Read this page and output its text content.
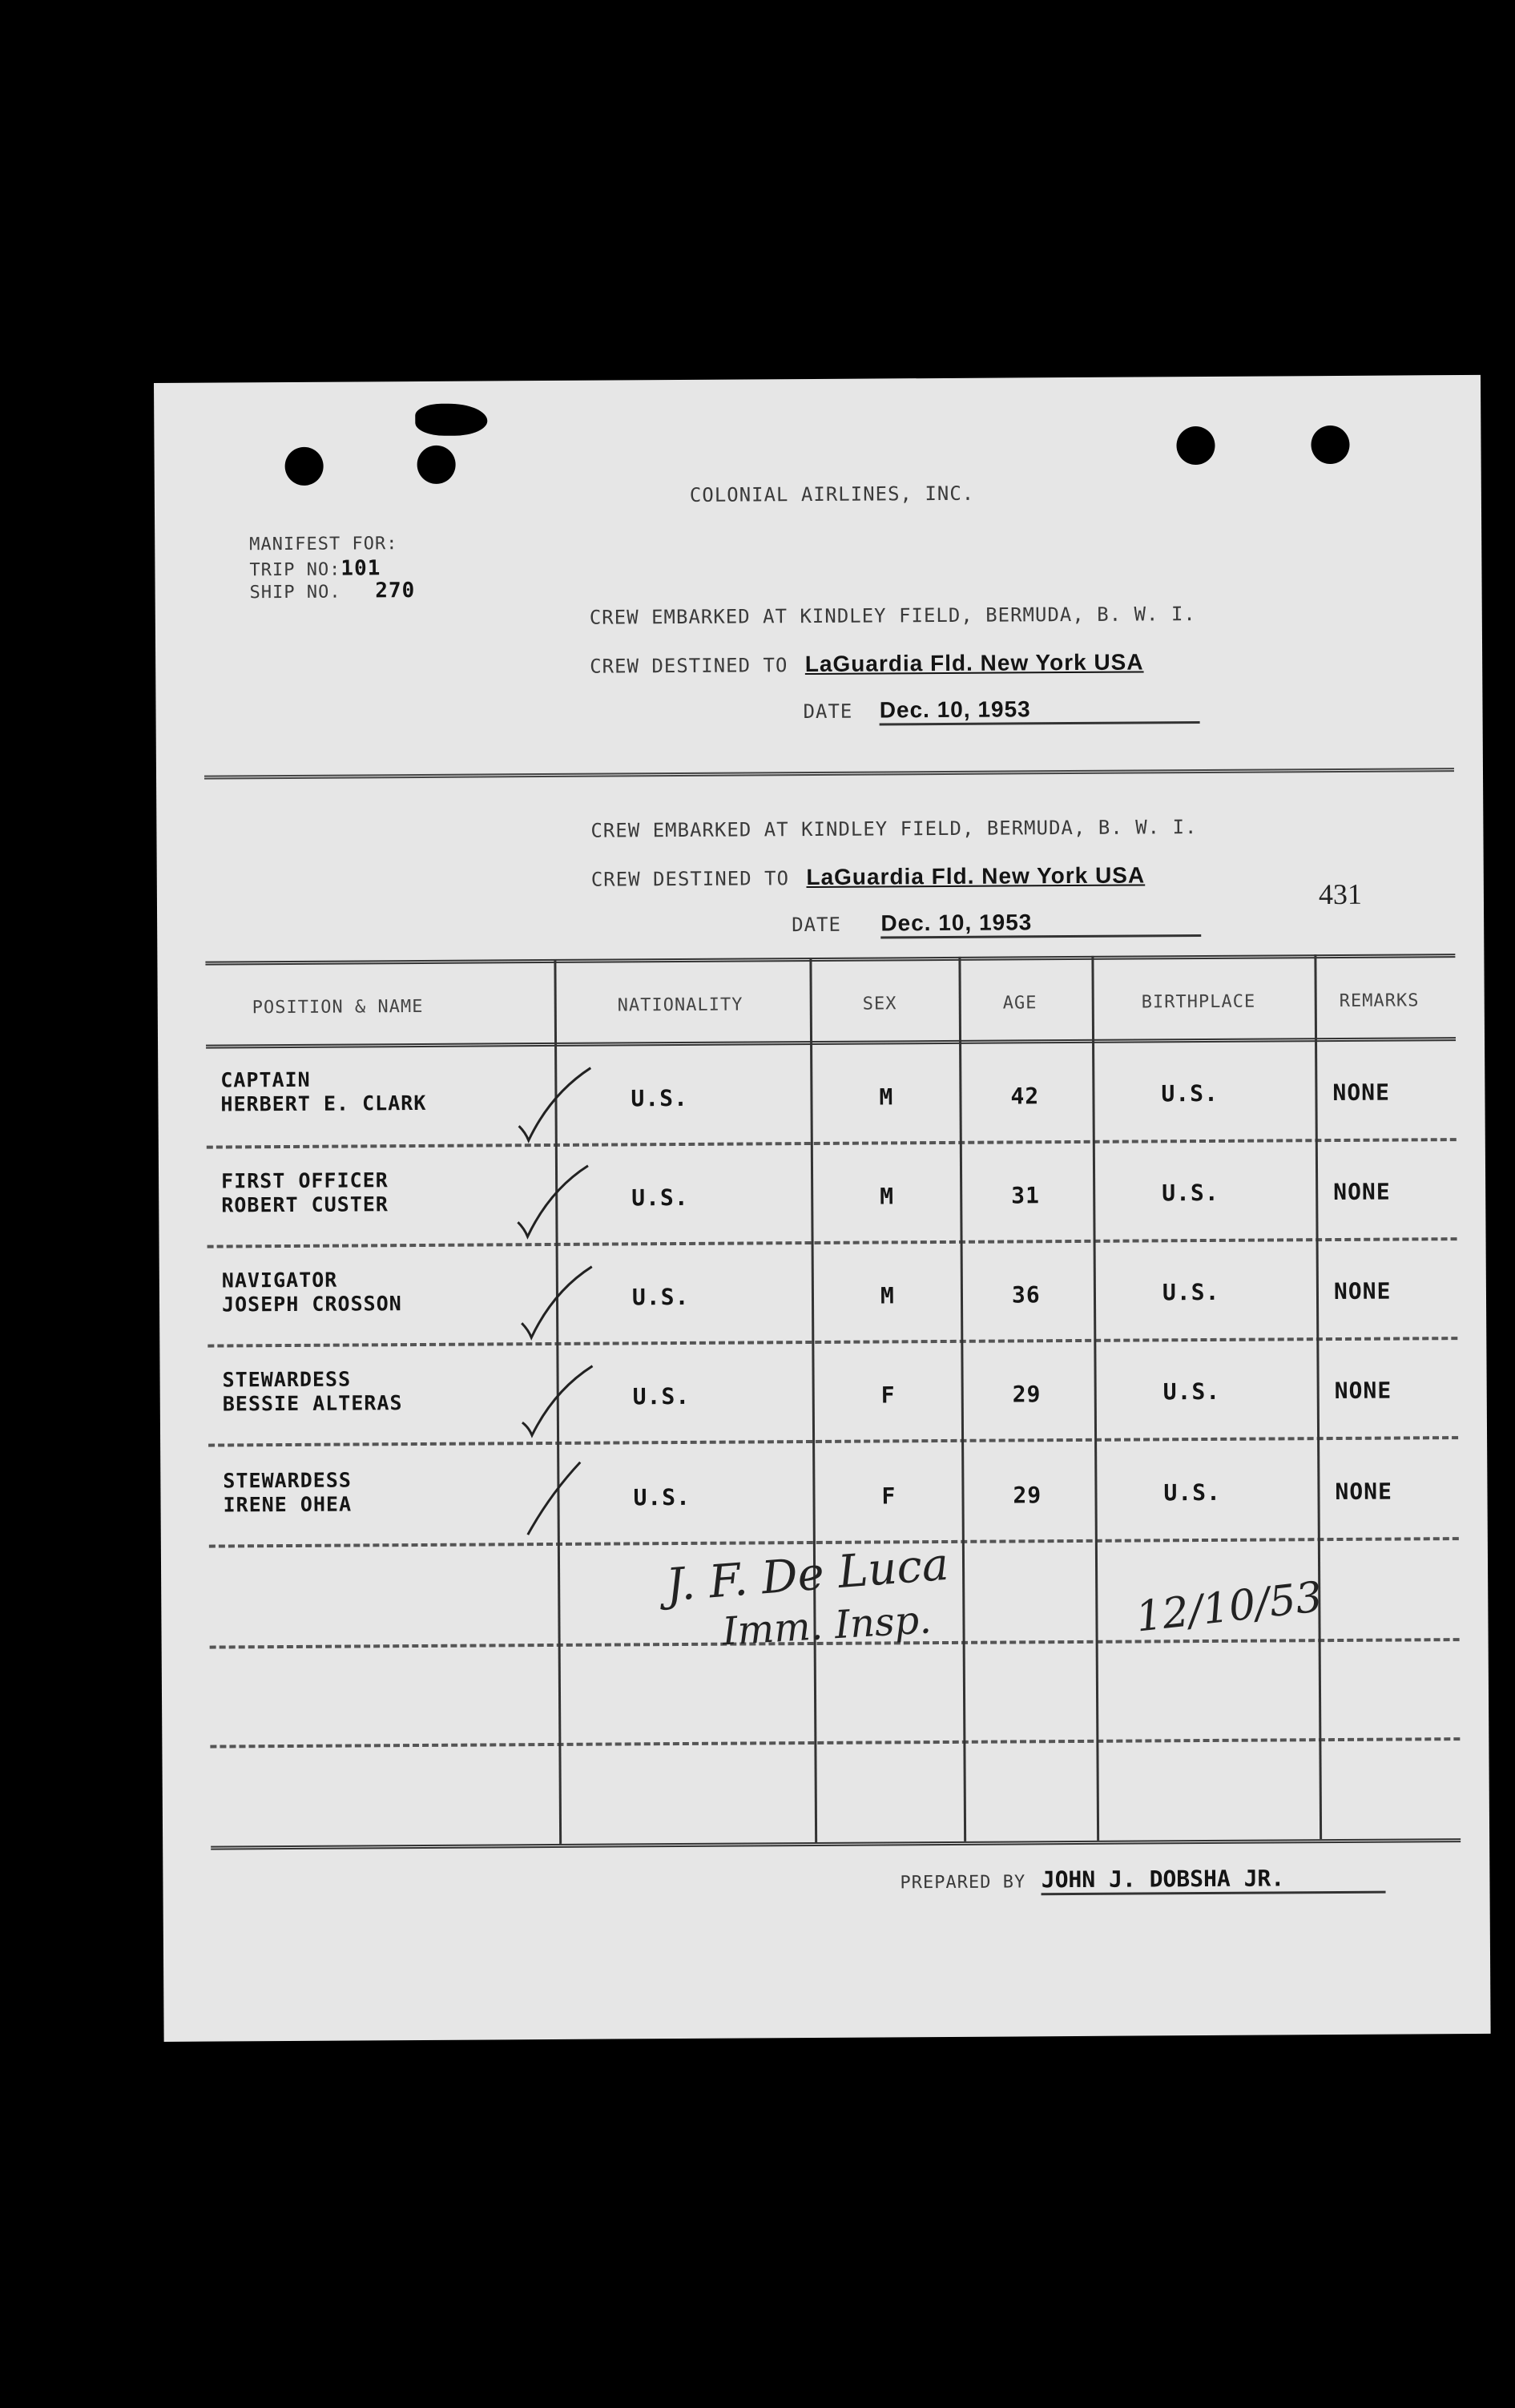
COLONIAL AIRLINES, INC.
MANIFEST FOR:
TRIP NO:101
SHIP NO. 270
CREW EMBARKED AT KINDLEY FIELD, BERMUDA, B. W. I.
CREW DESTINED TO LaGuardia Fld. New York USA
DATE Dec. 10, 1953
CREW EMBARKED AT KINDLEY FIELD, BERMUDA, B. W. I.
CREW DESTINED TO LaGuardia Fld. New York USA
DATE Dec. 10, 1953
431
POSITION & NAME	NATIONALITY	SEX	AGE	BIRTHPLACE	REMARKS
CAPTAIN
HERBERT E. CLARK	U.S.	M	42	U.S.	NONE
FIRST OFFICER
ROBERT CUSTER	U.S.	M	31	U.S.	NONE
NAVIGATOR
JOSEPH CROSSON	U.S.	M	36	U.S.	NONE
STEWARDESS
BESSIE ALTERAS	U.S.	F	29	U.S.	NONE
STEWARDESS
IRENE OHEA	U.S.	F	29	U.S.	NONE
J. F. De Luca
Imm. Insp.	12/10/53
PREPARED BY JOHN J. DOBSHA JR.
